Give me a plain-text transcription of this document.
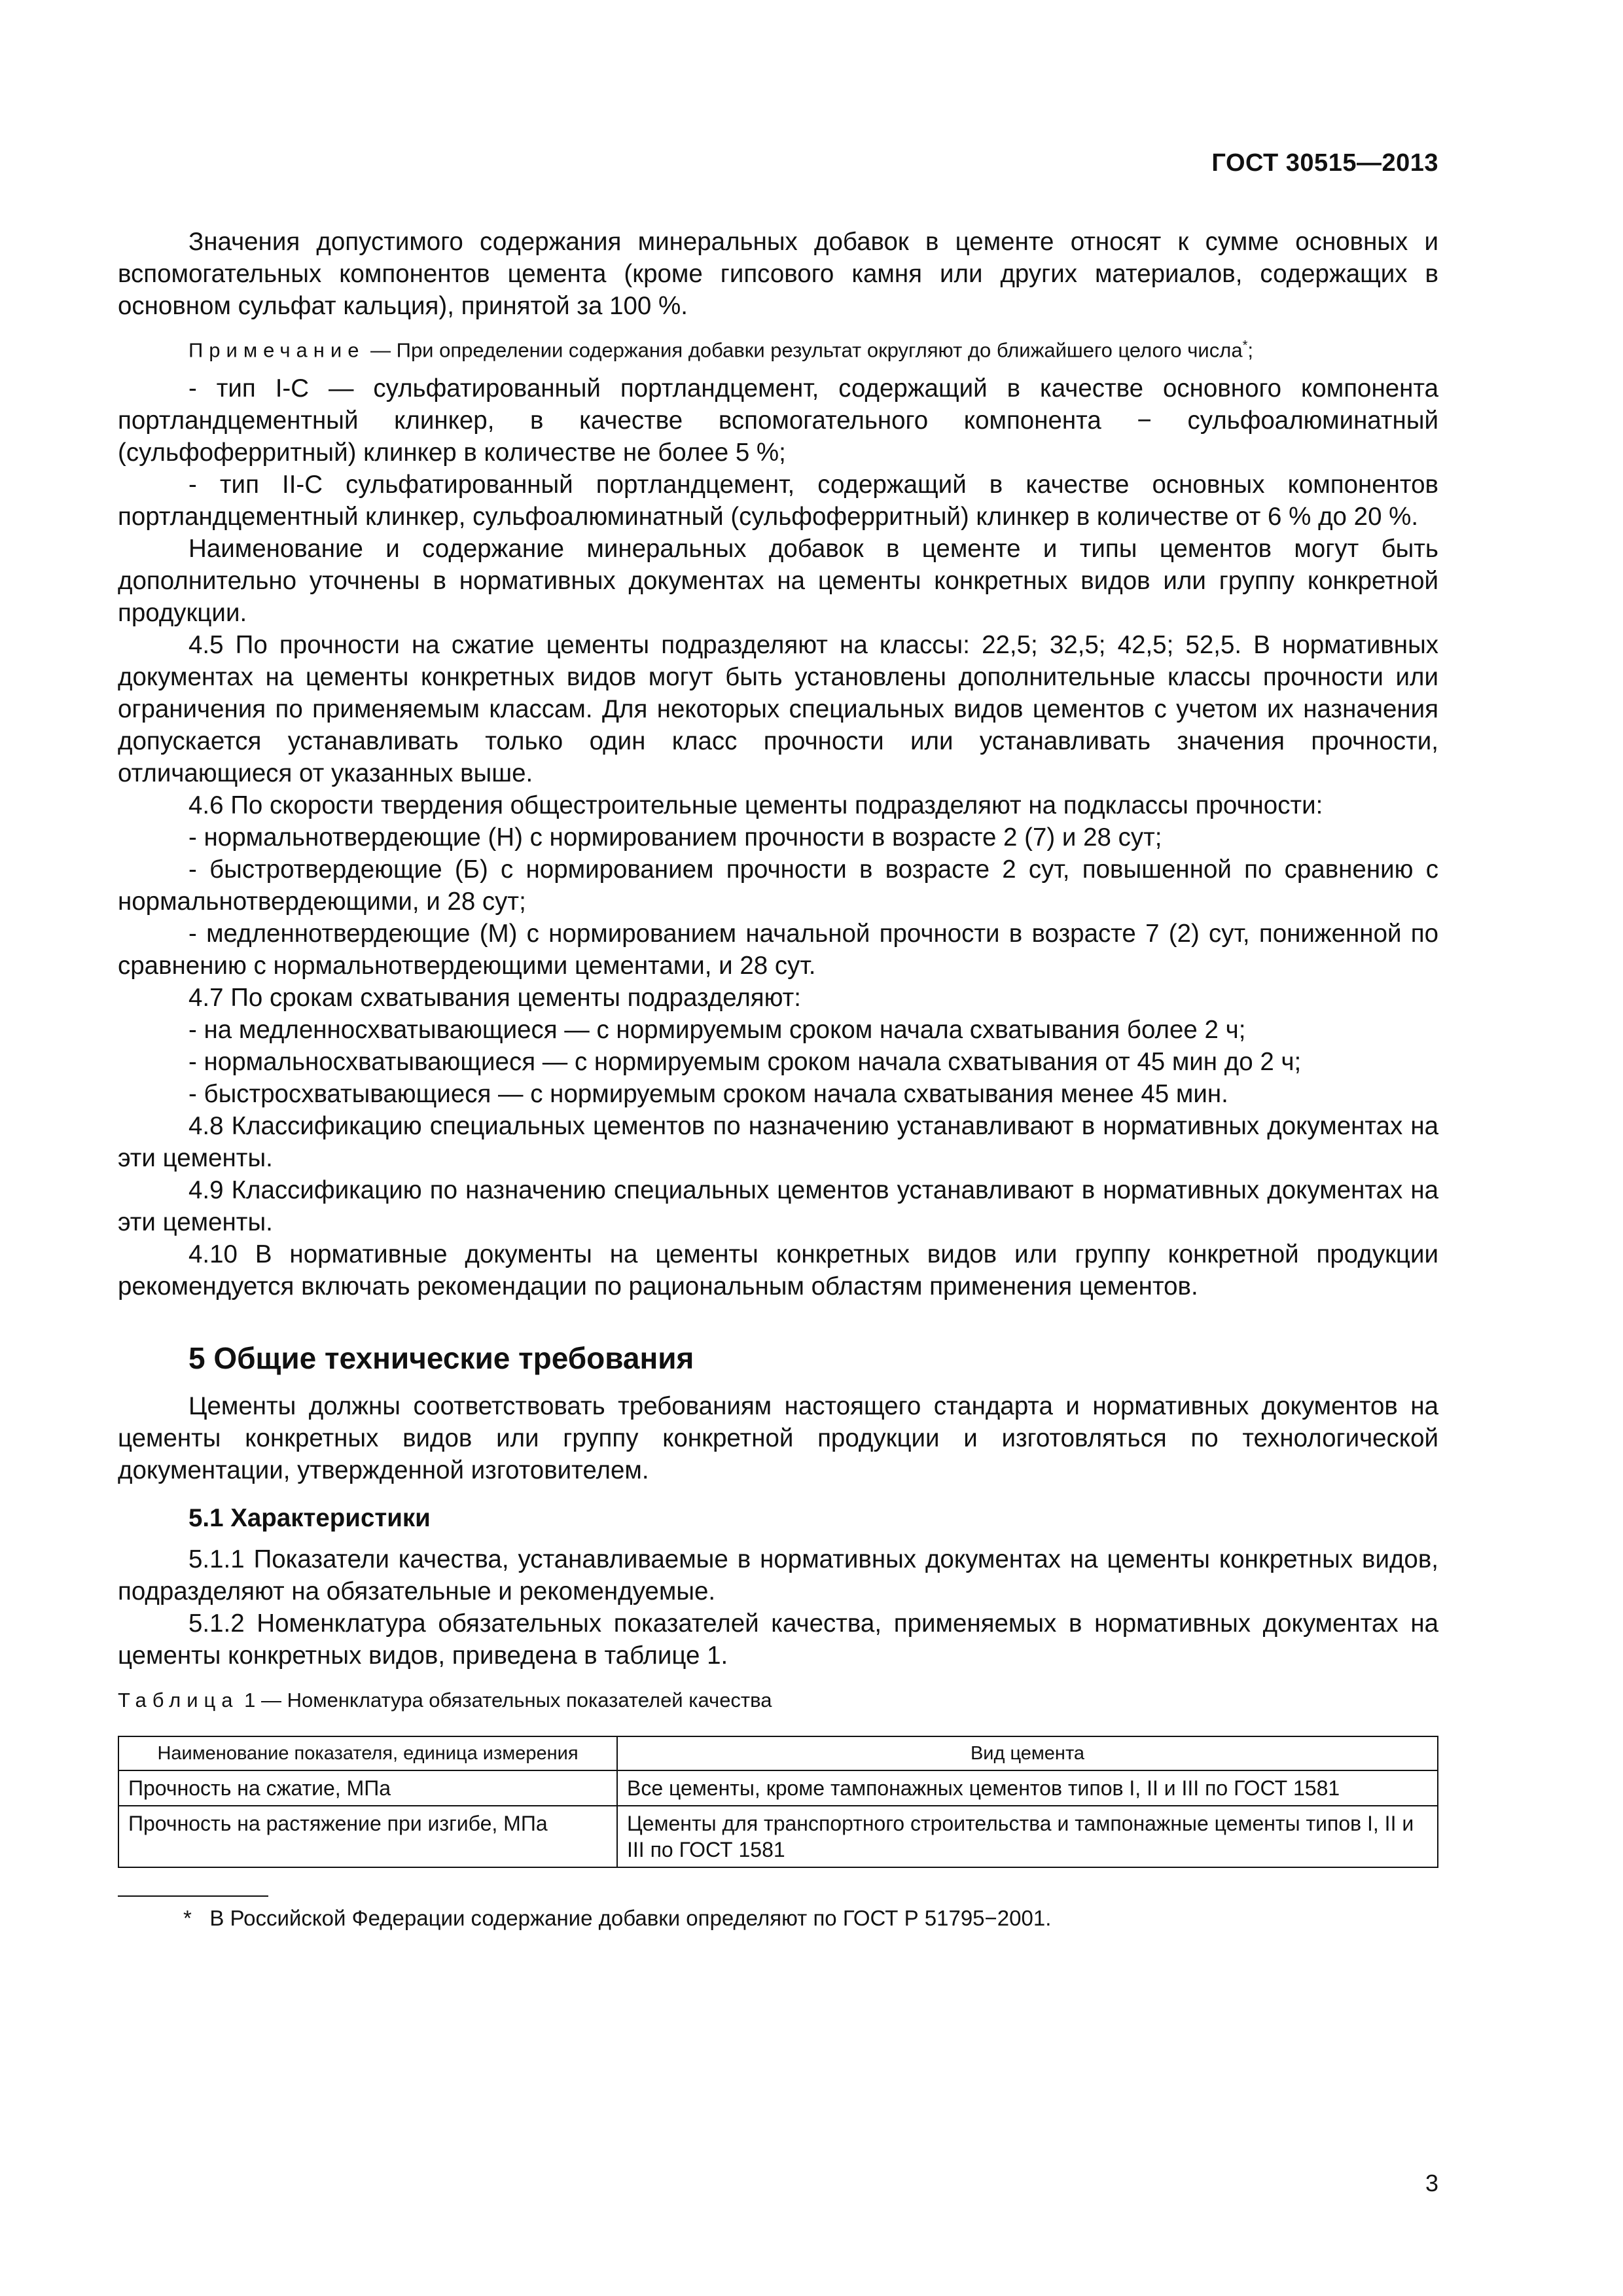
ГОСТ 30515—2013

Значения допустимого содержания минеральных добавок в цементе относят к сумме основных и вспомогательных компонентов цемента (кроме гипсового камня или других материалов, содержащих в основном сульфат кальция), принятой за 100 %.

Примечание — При определении содержания добавки результат округляют до ближайшего целого числа*;

- тип I-С — сульфатированный портландцемент, содержащий в качестве основного компонента портландцементный клинкер, в качестве вспомогательного компонента − сульфоалюминатный (сульфоферритный) клинкер в количестве не более 5 %;

- тип II-С сульфатированный портландцемент, содержащий в качестве основных компонентов портландцементный клинкер, сульфоалюминатный (сульфоферритный) клинкер в количестве от 6 % до 20 %.

Наименование и содержание минеральных добавок в цементе и типы цементов могут быть дополнительно уточнены в нормативных документах на цементы конкретных видов или группу конкретной продукции.

4.5 По прочности на сжатие цементы подразделяют на классы: 22,5; 32,5; 42,5; 52,5. В нормативных документах на цементы конкретных видов могут быть установлены дополнительные классы прочности или ограничения по применяемым классам. Для некоторых специальных видов цементов с учетом их назначения допускается устанавливать только один класс прочности или устанавливать значения прочности, отличающиеся от указанных выше.

4.6 По скорости твердения общестроительные цементы подразделяют на подклассы прочности:

- нормальнотвердеющие (Н) с нормированием прочности в возрасте 2 (7) и 28 сут;

- быстротвердеющие (Б) с нормированием прочности в возрасте 2 сут, повышенной по сравнению с нормальнотвердеющими, и 28 сут;

- медленнотвердеющие (М) с нормированием начальной прочности в возрасте 7 (2) сут, пониженной по сравнению с нормальнотвердеющими цементами, и 28 сут.

4.7 По срокам схватывания цементы подразделяют:

- на медленносхватывающиеся — с нормируемым сроком начала схватывания более 2 ч;

- нормальносхватывающиеся — с нормируемым сроком начала схватывания от 45 мин до 2 ч;

- быстросхватывающиеся — с нормируемым сроком начала схватывания менее 45 мин.

4.8 Классификацию специальных цементов по назначению устанавливают в нормативных документах на эти цементы.

4.9 Классификацию по назначению специальных цементов устанавливают в нормативных документах на эти цементы.

4.10 В нормативные документы на цементы конкретных видов или группу конкретной продукции рекомендуется включать рекомендации по рациональным областям применения цементов.

5 Общие технические требования

Цементы должны соответствовать требованиям настоящего стандарта и нормативных документов на цементы конкретных видов или группу конкретной продукции и изготовляться по технологической документации, утвержденной изготовителем.

5.1 Характеристики

5.1.1 Показатели качества, устанавливаемые в нормативных документах на цементы конкретных видов, подразделяют на обязательные и рекомендуемые.

5.1.2 Номенклатура обязательных показателей качества, применяемых в нормативных документах на цементы конкретных видов, приведена в таблице 1.

Таблица 1 — Номенклатура обязательных показателей качества
Наименование показателя, единица измерения	Вид цемента
Прочность на сжатие, МПа	Все цементы, кроме тампонажных цементов типов I, II и III по ГОСТ 1581
Прочность на растяжение при изгибе, МПа	Цементы для транспортного строительства и тампонажные цементы типов I, II и III по ГОСТ 1581
* В Российской Федерации содержание добавки определяют по ГОСТ Р 51795−2001.
3
